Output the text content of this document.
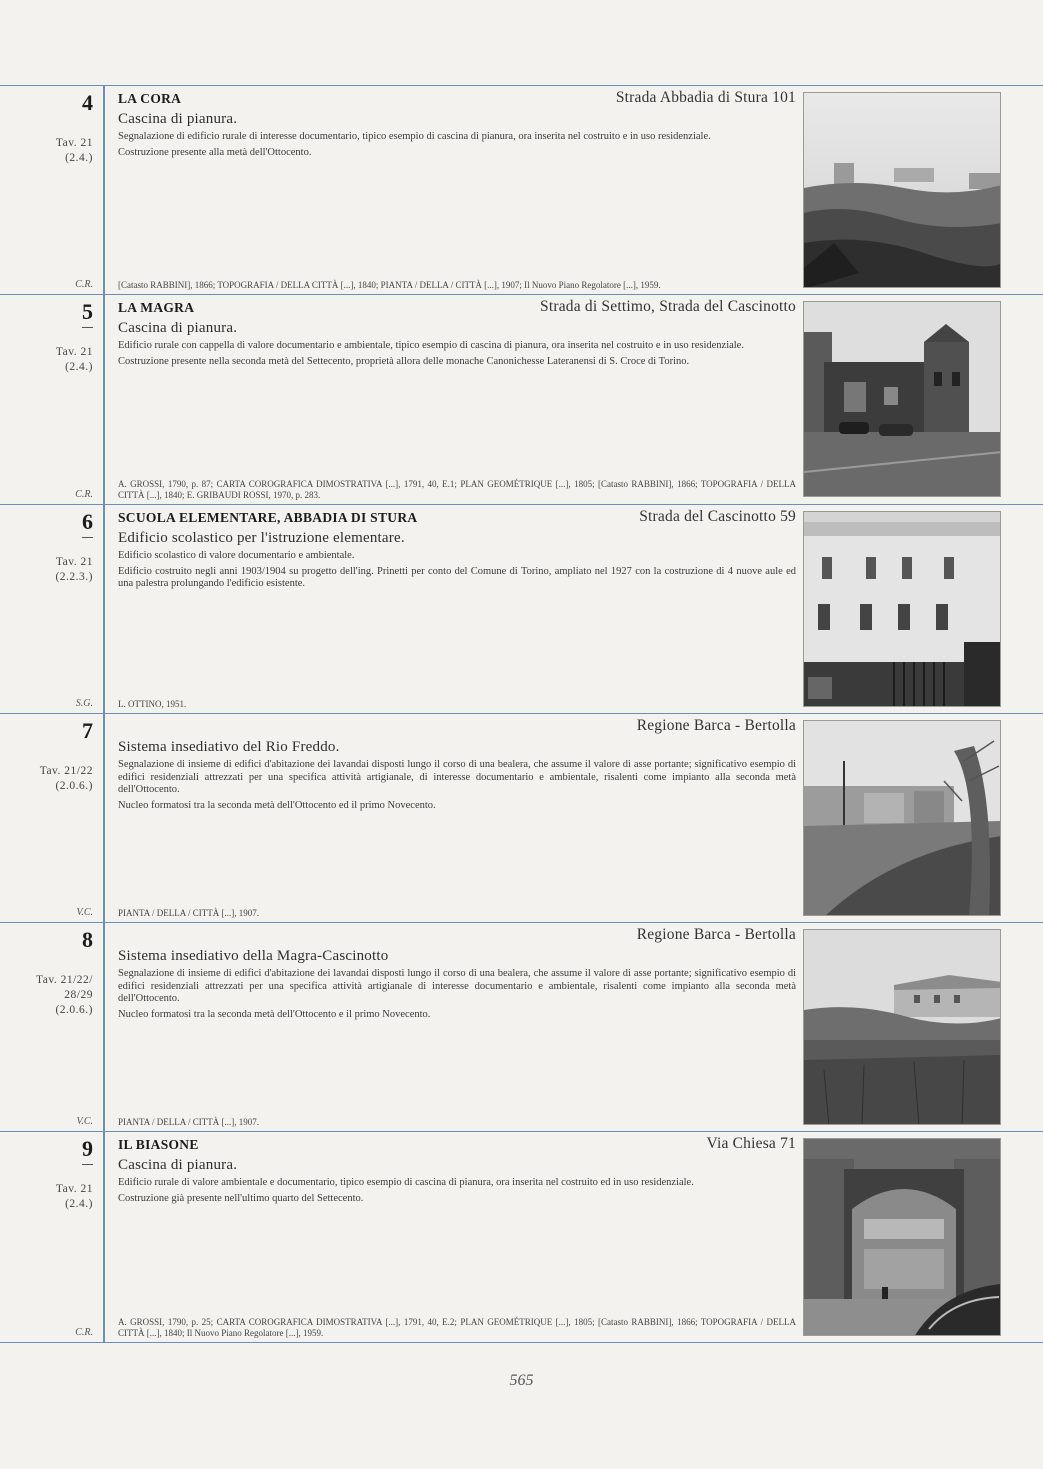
4
Tav. 21
(2.4.)
C.R.
LA CORA	Strada Abbadia di Stura 101
Cascina di pianura.
Segnalazione di edificio rurale di interesse documentario, tipico esempio di cascina di pianura, ora inserita nel costruito e in uso residenziale.
Costruzione presente alla metà dell'Ottocento.
[Catasto RABBINI], 1866; TOPOGRAFIA / DELLA CITTÀ [...], 1840; PIANTA / DELLA / CITTÀ [...], 1907; Il Nuovo Piano Regolatore [...], 1959.
5
Tav. 21
(2.4.)
C.R.
LA MAGRA	Strada di Settimo, Strada del Cascinotto
Cascina di pianura.
Edificio rurale con cappella di valore documentario e ambientale, tipico esempio di cascina di pianura, ora inserita nel costruito e in uso residenziale.
Costruzione presente nella seconda metà del Settecento, proprietà allora delle monache Canonichesse Lateranensi di S. Croce di Torino.
A. GROSSI, 1790, p. 87; CARTA COROGRAFICA DIMOSTRATIVA [...], 1791, 40, E.1; PLAN GEOMÉTRIQUE [...], 1805; [Catasto RABBINI], 1866; TOPOGRAFIA / DELLA CITTÀ [...], 1840; E. GRIBAUDI ROSSI, 1970, p. 283.
6
Tav. 21
(2.2.3.)
S.G.
SCUOLA ELEMENTARE, ABBADIA DI STURA	Strada del Cascinotto 59
Edificio scolastico per l'istruzione elementare.
Edificio scolastico di valore documentario e ambientale.
Edificio costruito negli anni 1903/1904 su progetto dell'ing. Prinetti per conto del Comune di Torino, ampliato nel 1927 con la costruzione di 4 nuove aule ed una palestra prolungando l'edificio esistente.
L. OTTINO, 1951.
7
Tav. 21/22
(2.0.6.)
V.C.
Regione Barca - Bertolla
Sistema insediativo del Rio Freddo.
Segnalazione di insieme di edifici d'abitazione dei lavandai disposti lungo il corso di una bealera, che assume il valore di asse portante; significativo esempio di edifici residenziali attrezzati per una specifica attività artigianale, di interesse documentario e ambientale, risalenti come impianto alla seconda metà dell'Ottocento.
Nucleo formatosi tra la seconda metà dell'Ottocento ed il primo Novecento.
PIANTA / DELLA / CITTÀ [...], 1907.
8
Tav. 21/22/
28/29
(2.0.6.)
V.C.
Regione Barca - Bertolla
Sistema insediativo della Magra-Cascinotto
Segnalazione di insieme di edifici d'abitazione dei lavandai disposti lungo il corso di una bealera, che assume il valore di asse portante; significativo esempio di edifici residenziali attrezzati per una specifica attività artigianale di interesse documentario e ambientale, risalenti come impianto alla seconda metà dell'Ottocento.
Nucleo formatosi tra la seconda metà dell'Ottocento e il primo Novecento.
PIANTA / DELLA / CITTÀ [...], 1907.
9
Tav. 21
(2.4.)
C.R.
IL BIASONE	Via Chiesa 71
Cascina di pianura.
Edificio rurale di valore ambientale e documentario, tipico esempio di cascina di pianura, ora inserita nel costruito ed in uso residenziale.
Costruzione già presente nell'ultimo quarto del Settecento.
A. GROSSI, 1790, p. 25; CARTA COROGRAFICA DIMOSTRATIVA [...], 1791, 40, E.2; PLAN GEOMÉTRIQUE [...], 1805; [Catasto RABBINI], 1866; TOPOGRAFIA / DELLA CITTÀ [...], 1840; Il Nuovo Piano Regolatore [...], 1959.
565
